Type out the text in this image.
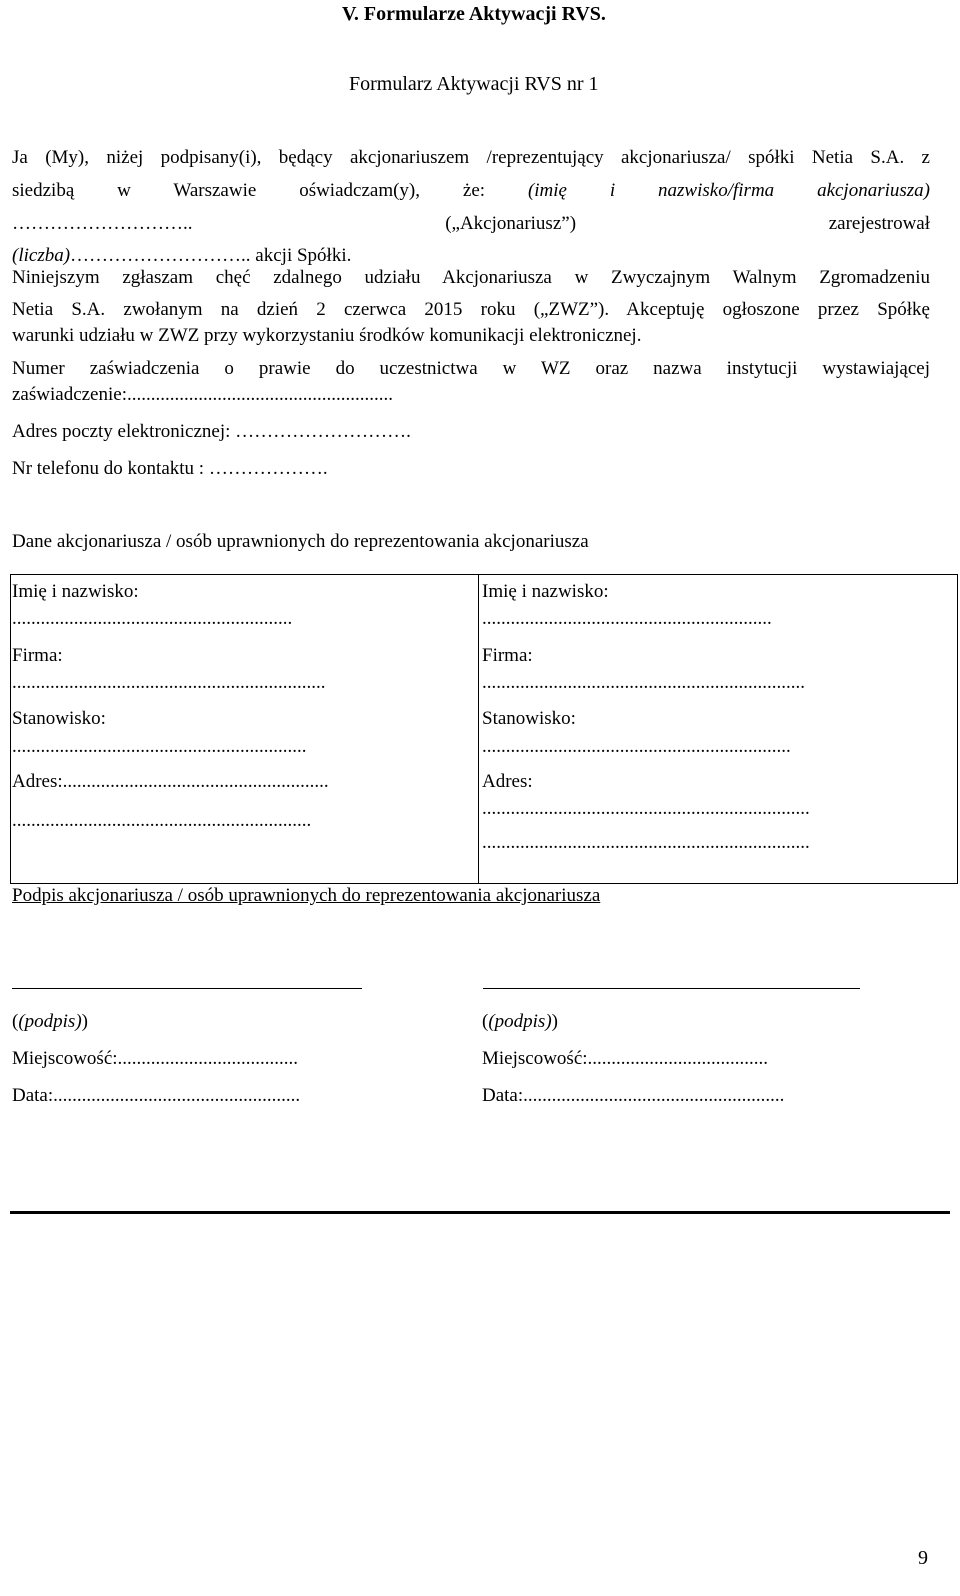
V. Formularze Aktywacji RVS.
Formularz Aktywacji RVS nr 1
Ja (My), niżej podpisany(i), będący akcjonariuszem /reprezentujący akcjonariusza/ spółki Netia S.A. z
siedzibą w Warszawie oświadczam(y), że: (imię i nazwisko/firma akcjonariusza)
………………………..	(„Akcjonariusz”)	zarejestrował
(liczba)……………………….. akcji Spółki.
Niniejszym zgłaszam chęć zdalnego udziału Akcjonariusza w Zwyczajnym Walnym Zgromadzeniu
Netia S.A. zwołanym na dzień 2 czerwca 2015 roku („ZWZ”). Akceptuję ogłoszone przez Spółkę
warunki udziału w ZWZ przy wykorzystaniu środków komunikacji elektronicznej.
Numer zaświadczenia o prawie do uczestnictwa w WZ oraz nazwa instytucji wystawiającej
zaświadczenie:........................................................
Adres poczty elektronicznej: ……………………….
Nr telefonu do kontaktu : ……………….
Dane akcjonariusza / osób uprawnionych do reprezentowania akcjonariusza
Imię i nazwisko:
...........................................................
Firma:
..................................................................
Stanowisko:
..............................................................
Adres:........................................................
...............................................................
Imię i nazwisko:
.............................................................
Firma:
....................................................................
Stanowisko:
.................................................................
Adres:
.....................................................................
.....................................................................
Podpis akcjonariusza / osób uprawnionych do reprezentowania akcjonariusza
((podpis))
Miejscowość:......................................
Data:....................................................
((podpis))
Miejscowość:......................................
Data:.......................................................
9
